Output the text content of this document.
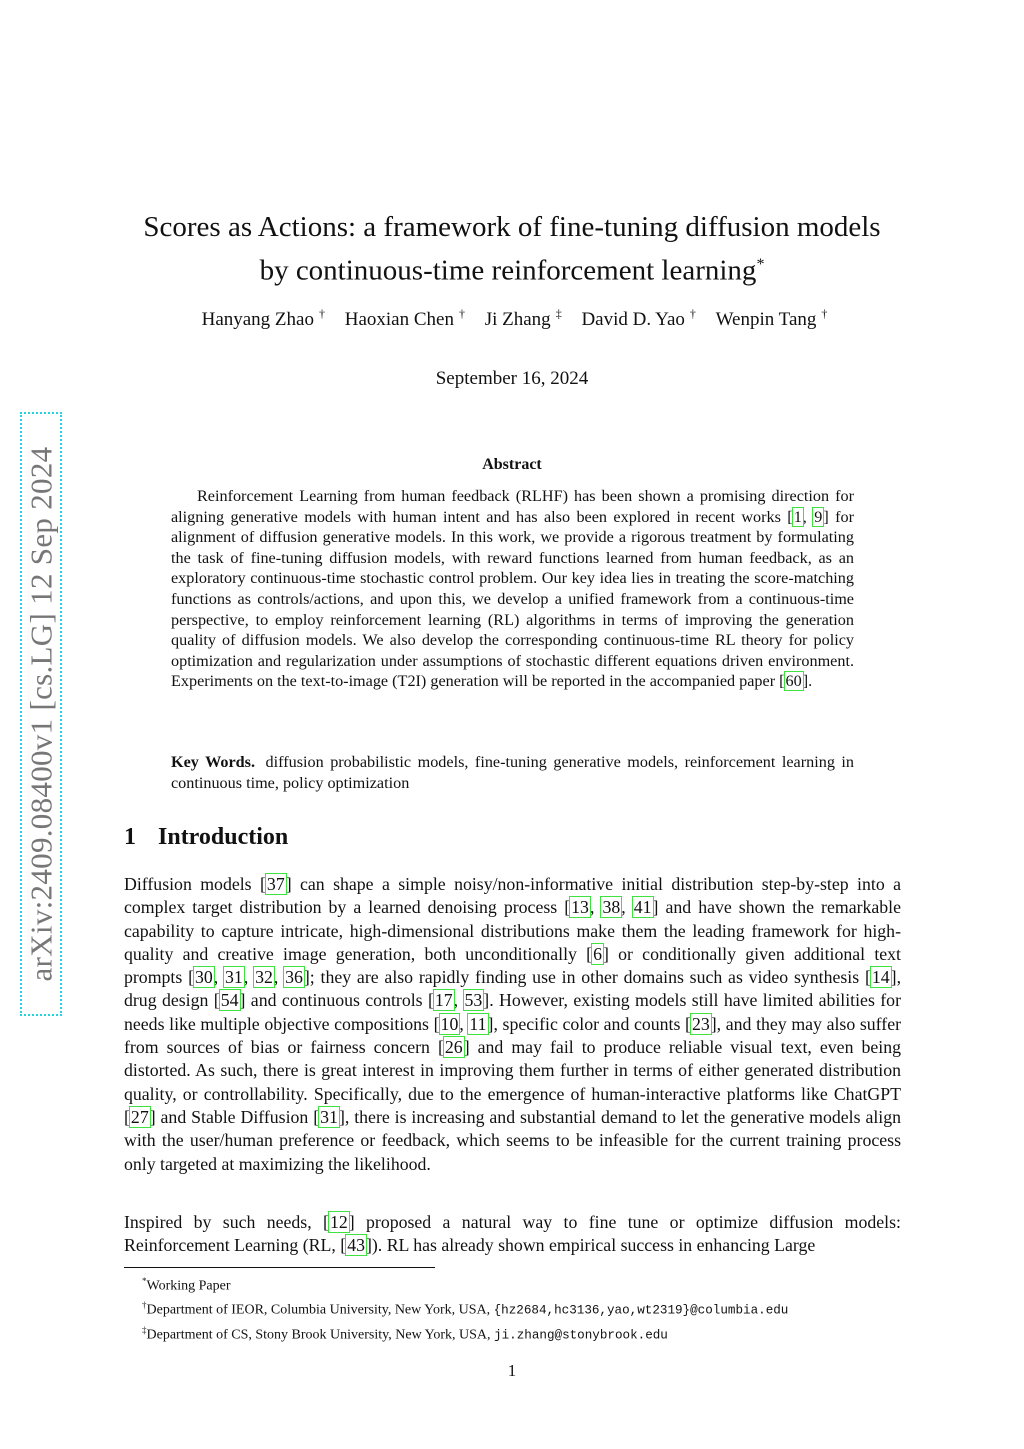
arXiv:2409.08400v1 [cs.LG] 12 Sep 2024
Scores as Actions: a framework of fine-tuning diffusion models
by continuous-time reinforcement learning*
Hanyang Zhao † Haoxian Chen † Ji Zhang ‡ David D. Yao † Wenpin Tang †
September 16, 2024
Abstract

Reinforcement Learning from human feedback (RLHF) has been shown a promising direction for aligning generative models with human intent and has also been explored in recent works [1, 9] for alignment of diffusion generative models. In this work, we provide a rigorous treatment by formulating the task of fine-tuning diffusion models, with reward functions learned from human feedback, as an exploratory continuous-time stochastic control problem. Our key idea lies in treating the score-matching functions as controls/actions, and upon this, we develop a unified framework from a continuous-time perspective, to employ reinforcement learning (RL) algorithms in terms of improving the generation quality of diffusion models. We also develop the corresponding continuous-time RL theory for policy optimization and regularization under assumptions of stochastic different equations driven environment. Experiments on the text-to-image (T2I) generation will be reported in the accompanied paper [60].

Key Words. diffusion probabilistic models, fine-tuning generative models, reinforcement learning in continuous time, policy optimization

1 Introduction

Diffusion models [37] can shape a simple noisy/non-informative initial distribution step-by-step into a complex target distribution by a learned denoising process [13, 38, 41] and have shown the remarkable capability to capture intricate, high-dimensional distributions make them the leading framework for high-quality and creative image generation, both unconditionally [6] or conditionally given additional text prompts [30, 31, 32, 36]; they are also rapidly finding use in other domains such as video synthesis [14], drug design [54] and continuous controls [17, 53]. However, existing models still have limited abilities for needs like multiple objective compositions [10, 11], specific color and counts [23], and they may also suffer from sources of bias or fairness concern [26] and may fail to produce reliable visual text, even being distorted. As such, there is great interest in improving them further in terms of either generated distribution quality, or controllability. Specifically, due to the emergence of human-interactive platforms like ChatGPT [27] and Stable Diffusion [31], there is increasing and substantial demand to let the generative models align with the user/human preference or feedback, which seems to be infeasible for the current training process only targeted at maximizing the likelihood.

Inspired by such needs, [12] proposed a natural way to fine tune or optimize diffusion models: Reinforcement Learning (RL, [43]). RL has already shown empirical success in enhancing Large

*Working Paper
†Department of IEOR, Columbia University, New York, USA, {hz2684,hc3136,yao,wt2319}@columbia.edu
‡Department of CS, Stony Brook University, New York, USA, ji.zhang@stonybrook.edu
1
